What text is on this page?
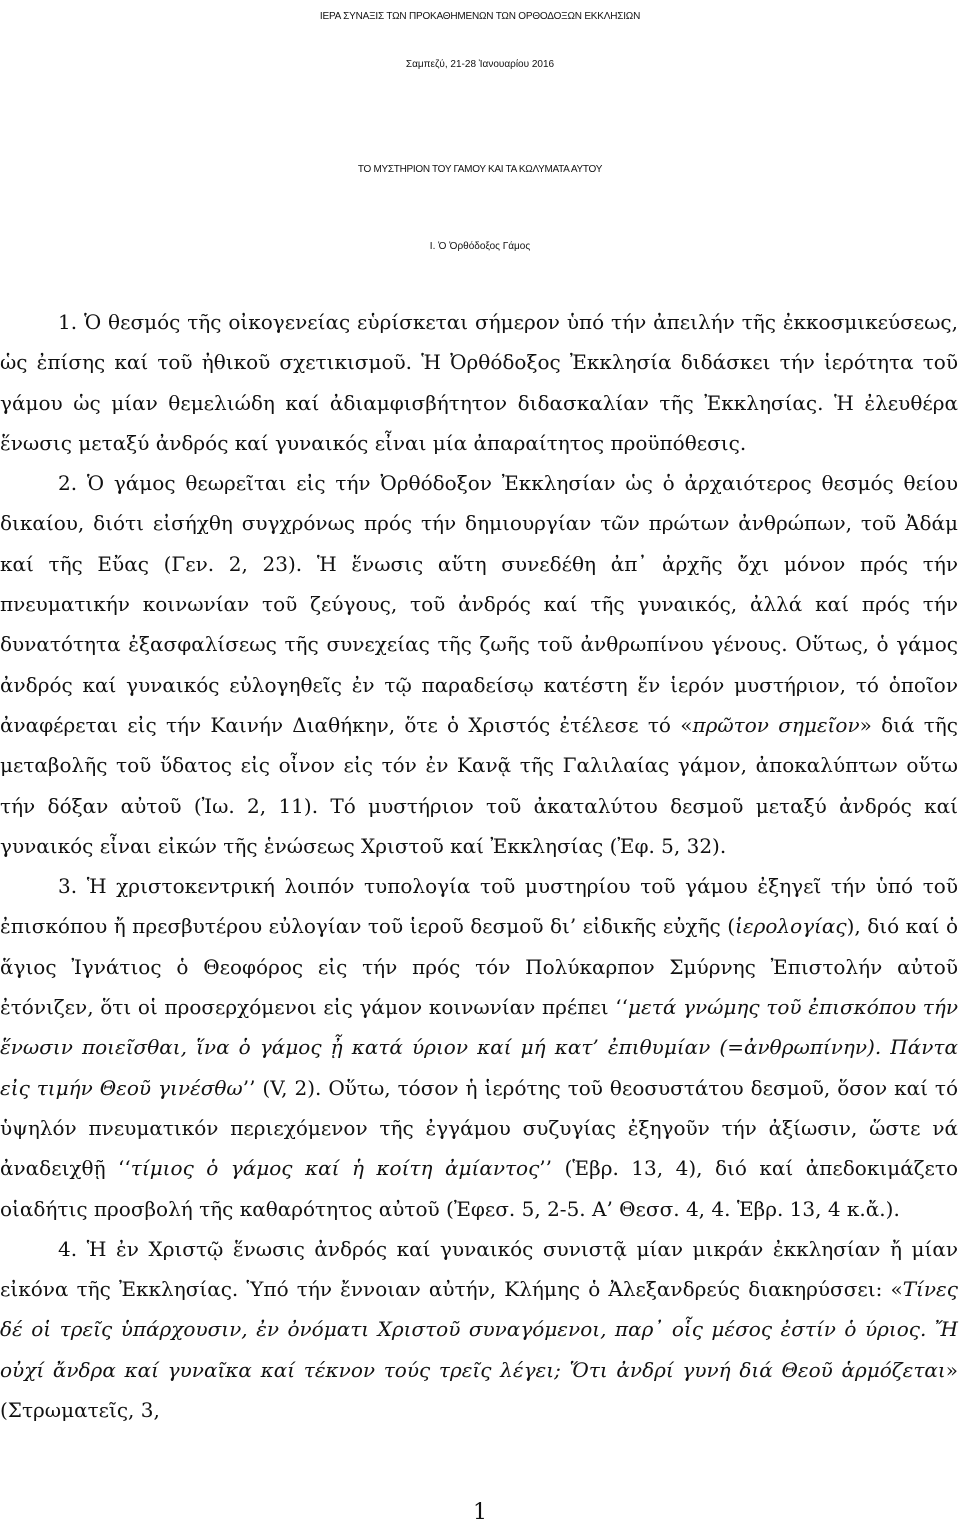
ΙΕΡΑ ΣΥΝΑΞΙΣ ΤΩΝ ΠΡΟΚΑΘΗΜΕΝΩΝ ΤΩΝ ΟΡΘΟΔΟΞΩΝ ΕΚΚΛΗΣΙΩΝ
Σαμπεζύ, 21-28 Ἰανουαρίου 2016
ΤΟ ΜΥΣΤΗΡΙΟΝ ΤΟΥ ΓΑΜΟΥ ΚΑΙ ΤΑ ΚΩΛΥΜΑΤΑ ΑΥΤΟΥ
Ι. Ὁ Ὀρθόδοξος Γάμος

1. Ὁ θεσμός τῆς οἰκογενείας εὑρίσκεται σήμερον ὑπό τήν ἀπειλήν τῆς ἐκκοσμικεύσεως, ὡς ἐπίσης καί τοῦ ἠθικοῦ σχετικισμοῦ. Ἡ Ὀρθόδοξος Ἐκκλησία διδάσκει τήν ἱερότητα τοῦ γάμου ὡς μίαν θεμελιώδη καί ἀδιαμφισβήτητον διδασκαλίαν τῆς Ἐκκλησίας. Ἡ ἐλευθέρα ἕνωσις μεταξύ ἀνδρός καί γυναικός εἶναι μία ἀπαραίτητος προϋπόθεσις.

2. Ὁ γάμος θεωρεῖται εἰς τήν Ὀρθόδοξον Ἐκκλησίαν ὡς ὁ ἀρχαιότερος θεσμός θείου δικαίου, διότι εἰσήχθη συγχρόνως πρός τήν δημιουργίαν τῶν πρώτων ἀνθρώπων, τοῦ Ἀδάμ καί τῆς Εὔας (Γεν. 2, 23). Ἡ ἕνωσις αὕτη συνεδέθη ἀπ᾽ ἀρχῆς ὄχι μόνον πρός τήν πνευματικήν κοινωνίαν τοῦ ζεύγους, τοῦ ἀνδρός καί τῆς γυναικός, ἀλλά καί πρός τήν δυνατότητα ἐξασφαλίσεως τῆς συνεχείας τῆς ζωῆς τοῦ ἀνθρωπίνου γένους. Οὕτως, ὁ γάμος ἀνδρός καί γυναικός εὐλογηθεῖς ἐν τῷ παραδείσῳ κατέστη ἕν ἱερόν μυστήριον, τό ὁποῖον ἀναφέρεται εἰς τήν Καινήν Διαθήκην, ὅτε ὁ Χριστός ἐτέλεσε τό «πρῶτον σημεῖον» διά τῆς μεταβολῆς τοῦ ὕδατος εἰς οἶνον εἰς τόν ἐν Κανᾷ τῆς Γαλιλαίας γάμον, ἀποκαλύπτων οὕτω τήν δόξαν αὐτοῦ (Ἰω. 2, 11). Τό μυστήριον τοῦ ἀκαταλύτου δεσμοῦ μεταξύ ἀνδρός καί γυναικός εἶναι εἰκών τῆς ἑνώσεως Χριστοῦ καί Ἐκκλησίας (Ἐφ. 5, 32).

3. Ἡ χριστοκεντρική λοιπόν τυπολογία τοῦ μυστηρίου τοῦ γάμου ἐξηγεῖ τήν ὑπό τοῦ ἐπισκόπου ἤ πρεσβυτέρου εὐλογίαν τοῦ ἱεροῦ δεσμοῦ δι’ εἰδικῆς εὐχῆς (ἱερολογίας), διό καί ὁ ἅγιος Ἰγνάτιος ὁ Θεοφόρος εἰς τήν πρός τόν Πολύκαρπον Σμύρνης Ἐπιστολήν αὐτοῦ ἐτόνιζεν, ὅτι οἱ προσερχόμενοι εἰς γάμον κοινωνίαν πρέπει ‘‘μετά γνώμης τοῦ ἐπισκόπου τήν ἕνωσιν ποιεῖσθαι, ἵνα ὁ γάμος ᾖ κατά ύριον καί μή κατ’ ἐπιθυμίαν (=ἀνθρωπίνην). Πάντα εἰς τιμήν Θεοῦ γινέσθω’’ (V, 2). Οὕτω, τόσον ἡ ἱερότης τοῦ θεοσυστάτου δεσμοῦ, ὅσον καί τό ὑψηλόν πνευματικόν περιεχόμενον τῆς ἐγγάμου συζυγίας ἐξηγοῦν τήν ἀξίωσιν, ὥστε νά ἀναδειχθῇ ‘‘τίμιος ὁ γάμος καί ἡ κοίτη ἀμίαντος’’ (Ἑβρ. 13, 4), διό καί ἀπεδοκιμάζετο οἱαδήτις προσβολή τῆς καθαρότητος αὐτοῦ (Ἐφεσ. 5, 2-5. Α’ Θεσσ. 4, 4. Ἑβρ. 13, 4 κ.ἄ.).

4. Ἡ ἐν Χριστῷ ἕνωσις ἀνδρός καί γυναικός συνιστᾷ μίαν μικράν ἐκκλησίαν ἤ μίαν εἰκόνα τῆς Ἐκκλησίας. Ὑπό τήν ἔννοιαν αὐτήν, Κλήμης ὁ Ἀλεξανδρεύς διακηρύσσει: «Τίνες δέ οἱ τρεῖς ὑπάρχουσιν, ἐν ὀνόματι Χριστοῦ συναγόμενοι, παρ᾽ οἷς μέσος ἐστίν ὁ ύριος. Ἤ οὐχί ἄνδρα καί γυναῖκα καί τέκνον τούς τρεῖς λέγει; Ὅτι ἀνδρί γυνή διά Θεοῦ ἁρμόζεται» (Στρωματεῖς, 3,

1
